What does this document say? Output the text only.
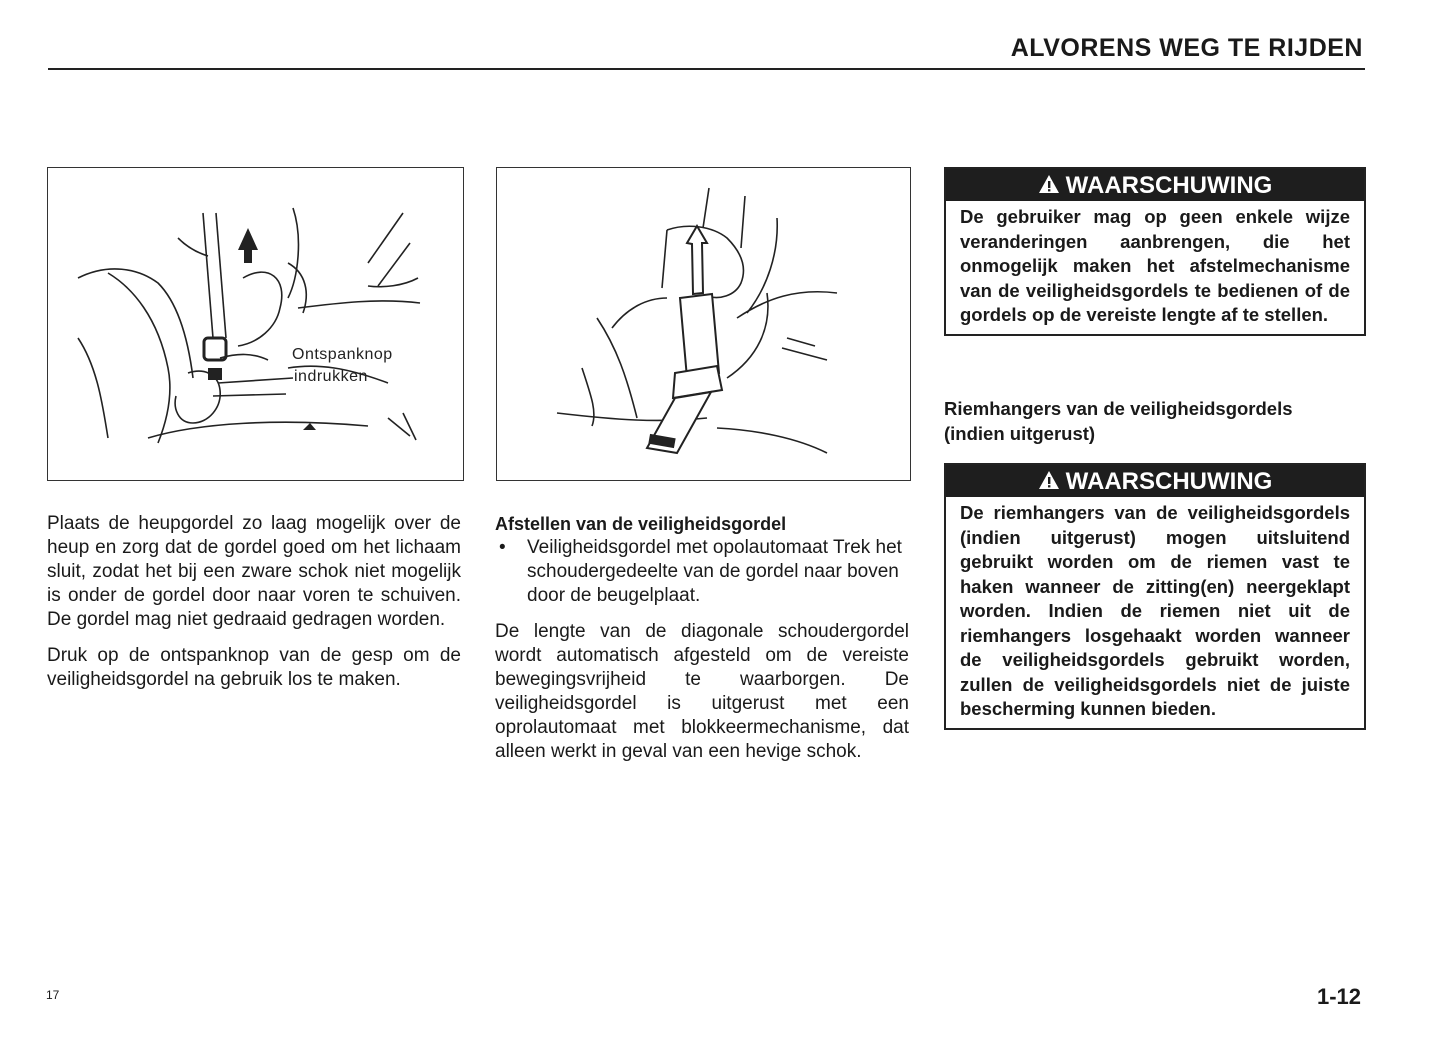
ALVORENS WEG TE RIJDEN
Ontspanknop
indrukken

Plaats de heupgordel zo laag mogelijk over de heup en zorg dat de gordel goed om het lichaam sluit, zodat het bij een zware schok niet mogelijk is onder de gordel door naar voren te schuiven. De gordel mag niet gedraaid gedragen worden.

Druk op de ontspanknop van de gesp om de veiligheidsgordel na gebruik los te maken.

Afstellen van de veiligheidsgordel
•	Veiligheidsgordel met opolautomaat Trek het schoudergedeelte van de gordel naar boven door de beugelplaat.

De lengte van de diagonale schoudergordel wordt automatisch afgesteld om de vereiste bewegingsvrijheid te waarborgen. De veiligheidsgordel is uitgerust met een oprolautomaat met blokkeermechanisme, dat alleen werkt in geval van een hevige schok.

WAARSCHUWING
De gebruiker mag op geen enkele wijze veranderingen aanbrengen, die het onmogelijk maken het afstelmechanisme van de veiligheidsgordels te bedienen of de gordels op de vereiste lengte af te stellen.
Riemhangers van de veiligheidsgordels
(indien uitgerust)
WAARSCHUWING
De riemhangers van de veiligheidsgordels (indien uitgerust) mogen uitsluitend gebruikt worden om de riemen vast te haken wanneer de zitting(en) neergeklapt worden. Indien de riemen niet uit de riemhangers losgehaakt worden wanneer de veiligheidsgordels gebruikt worden, zullen de veiligheidsgordels niet de juiste bescherming kunnen bieden.
17	1-12
